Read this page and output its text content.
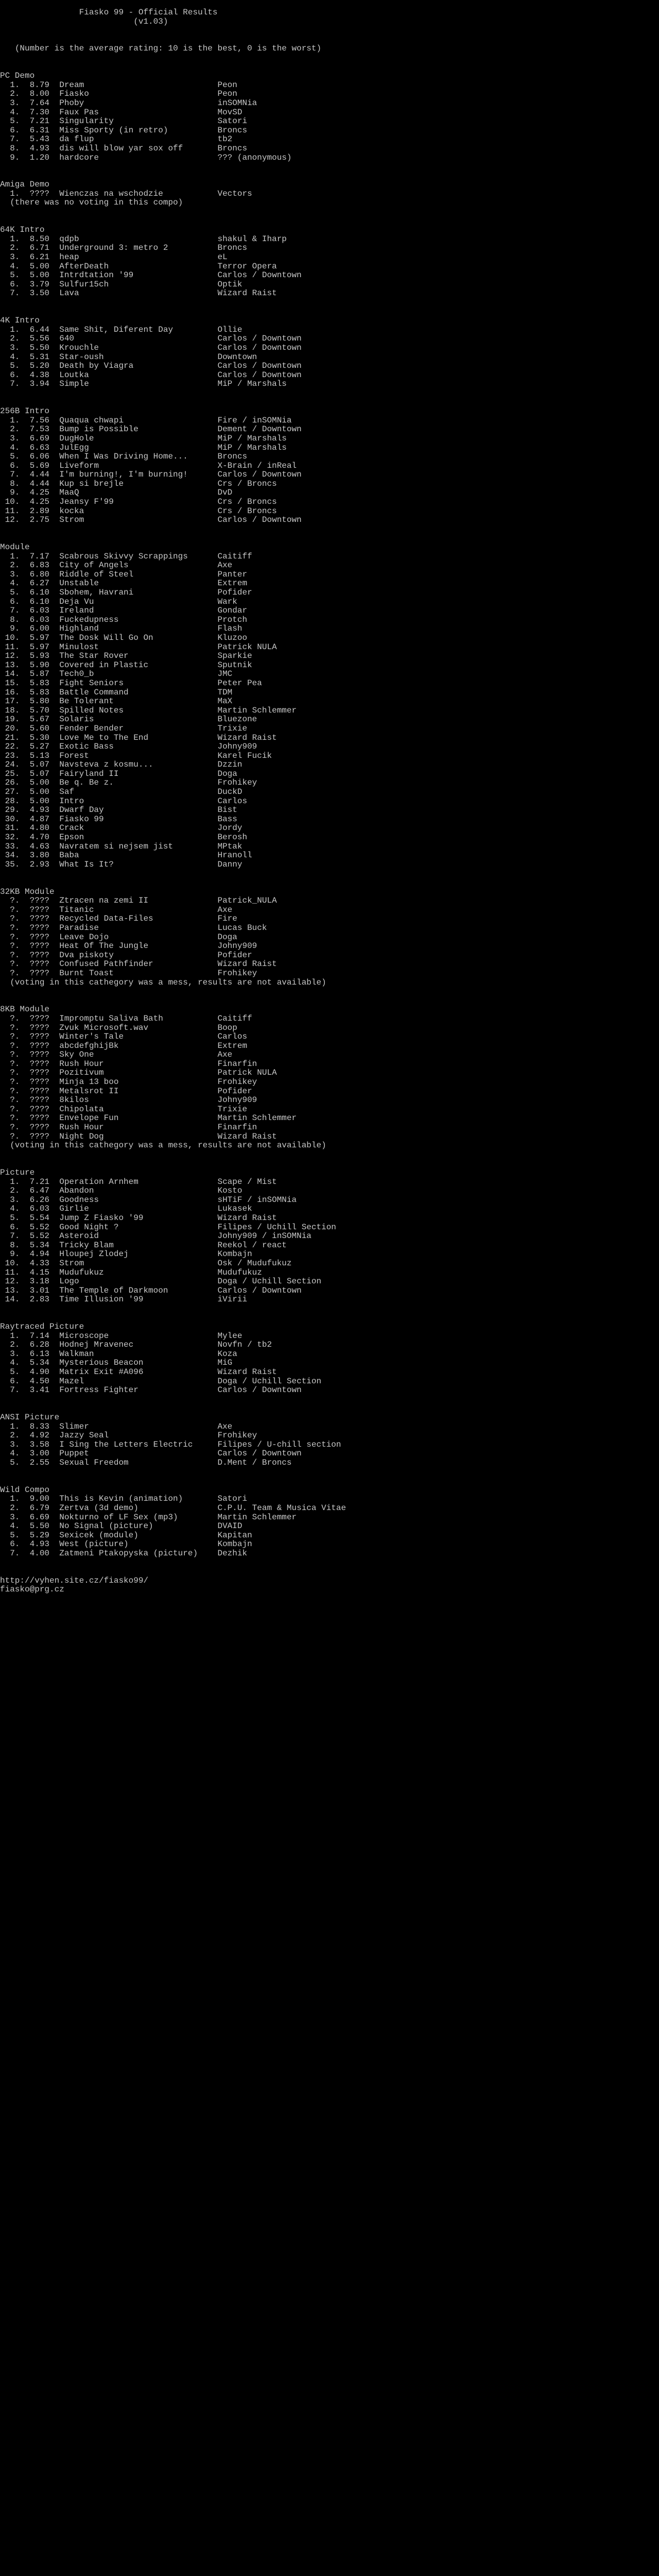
Fiasko 99 - Official Results
(v1.03)

(Number is the average rating: 10 is the best, 0 is the worst)

PC Demo
1. 8.79  Dream                           Peon
2. 8.00  Fiasko                          Peon
3. 7.64  Phoby                           inSOMNia
4. 7.30  Faux Pas                        MovSD
5. 7.21  Singularity                     Satori
6. 6.31  Miss Sporty (in retro)          Broncs
7. 5.43  da flup                         tb2
8. 4.93  dis will blow yar sox off       Broncs
9. 1.20  hardcore                        ??? (anonymous)

Amiga Demo
1. ????  Wienczas na wschodzie           Vectors
(there was no voting in this compo)

64K Intro
1. 8.50  qdpb                            shakul & Iharp
2. 6.71  Underground 3: metro 2          Broncs
3. 6.21  heap                            eL
4. 5.00  AfterDeath                      Terror Opera
5. 5.00  Intrdtation '99                 Carlos / Downtown
6. 3.79  Sulfur15ch                      Optik
7. 3.50  Lava                            Wizard Raist

4K Intro
1. 6.44  Same Shit, Diferent Day         Ollie
2. 5.56  640                             Carlos / Downtown
3. 5.50  Krouchle                        Carlos / Downtown
4. 5.31  Star-oush                       Downtown
5. 5.20  Death by Viagra                 Carlos / Downtown
6. 4.38  Loutka                          Carlos / Downtown
7. 3.94  Simple                          MiP / Marshals

256B Intro
1. 7.56  Quaqua chwapi                   Fire / inSOMNia
2. 7.53  Bump is Possible                Dement / Downtown
3. 6.69  DugHole                         MiP / Marshals
4. 6.63  JulEgg                          MiP / Marshals
5. 6.06  When I Was Driving Home...      Broncs
6. 5.69  Liveform                        X-Brain / inReal
7. 4.44  I'm burning!, I'm burning!      Carlos / Downtown
8. 4.44  Kup si brejle                   Crs / Broncs
9. 4.25  MaaQ                            DvD
10. 4.25  Jeansy F'99                     Crs / Broncs
11. 2.89  kocka                           Crs / Broncs
12. 2.75  Strom                           Carlos / Downtown

Module
1. 7.17  Scabrous Skivvy Scrappings      Caitiff
2. 6.83  City of Angels                  Axe
3. 6.80  Riddle of Steel                 Panter
4. 6.27  Unstable                        Extrem
5. 6.10  Sbohem, Havrani                 Pofider
6. 6.10  Deja Vu                         Wark
7. 6.03  Ireland                         Gondar
8. 6.03  Fuckedupness                    Protch
9. 6.00  Highland                        Flash
10. 5.97  The Dosk Will Go On             Kluzoo
11. 5.97  Minulost                        Patrick NULA
12. 5.93  The Star Rover                  Sparkie
13. 5.90  Covered in Plastic              Sputnik
14. 5.87  Tech0_b                         JMC
15. 5.83  Fight Seniors                   Peter Pea
16. 5.83  Battle Command                  TDM
17. 5.80  Be Tolerant                     MaX
18. 5.70  Spilled Notes                   Martin Schlemmer
19. 5.67  Solaris                         Bluezone
20. 5.60  Fender Bender                   Trixie
21. 5.30  Love Me to The End              Wizard Raist
22. 5.27  Exotic Bass                     Johny909
23. 5.13  Forest                          Karel Fucik
24. 5.07  Navsteva z kosmu...             Dzzin
25. 5.07  Fairyland II                    Doga
26. 5.00  Be q. Be z.                     Frohikey
27. 5.00  Saf                             DuckD
28. 5.00  Intro                           Carlos
29. 4.93  Dwarf Day                       Bist
30. 4.87  Fiasko 99                       Bass
31. 4.80  Crack                           Jordy
32. 4.70  Epson                           Berosh
33. 4.63  Navratem si nejsem jist         MPtak
34. 3.80  Baba                            Hranoll
35. 2.93  What Is It?                     Danny

32KB Module
?. ????  Ztracen na zemi II              Patrick_NULA
?. ????  Titanic                         Axe
?. ????  Recycled Data-Files             Fire
?. ????  Paradise                        Lucas Buck
?. ????  Leave Dojo                      Doga
?. ????  Heat Of The Jungle              Johny909
?. ????  Dva piskoty                     Pofider
?. ????  Confused Pathfinder             Wizard Raist
?. ????  Burnt Toast                     Frohikey
(voting in this cathegory was a mess, results are not available)

8KB Module
?. ????  Impromptu Saliva Bath           Caitiff
?. ????  Zvuk Microsoft.wav              Boop
?. ????  Winter's Tale                   Carlos
?. ????  abcdefghijBk                    Extrem
?. ????  Sky One                         Axe
?. ????  Rush Hour                       Finarfin
?. ????  Pozitivum                       Patrick NULA
?. ????  Minja 13 boo                    Frohikey
?. ????  Metalsrot II                    Pofider
?. ????  8kilos                          Johny909
?. ????  Chipolata                       Trixie
?. ????  Envelope Fun                    Martin Schlemmer
?. ????  Rush Hour                       Finarfin
?. ????  Night Dog                       Wizard Raist
(voting in this cathegory was a mess, results are not available)

Picture
1. 7.21  Operation Arnhem                Scape / Mist
2. 6.47  Abandon                         Kosto
3. 6.26  Goodness                        sHTiF / inSOMNia
4. 6.03  Girlie                          Lukasek
5. 5.54  Jump Z Fiasko '99               Wizard Raist
6. 5.52  Good Night ?                    Filipes / Uchill Section
7. 5.52  Asteroid                        Johny909 / inSOMNia
8. 5.34  Tricky Blam                     Reekol / react
9. 4.94  Hloupej Zlodej                  Kombajn
10. 4.33  Strom                           Osk / Mudufukuz
11. 4.15  Mudufukuz                       Mudufukuz
12. 3.18  Logo                            Doga / Uchill Section
13. 3.01  The Temple of Darkmoon          Carlos / Downtown
14. 2.83  Time Illusion '99               iVirii

Raytraced Picture
1. 7.14  Microscope                      Mylee
2. 6.28  Hodnej Mravenec                 Novfn / tb2
3. 6.13  Walkman                         Koza
4. 5.34  Mysterious Beacon               MiG
5. 4.90  Matrix Exit #A096               Wizard Raist
6. 4.50  Mazel                           Doga / Uchill Section
7. 3.41  Fortress Fighter                Carlos / Downtown

ANSI Picture
1. 8.33  Slimer                          Axe
2. 4.92  Jazzy Seal                      Frohikey
3. 3.58  I Sing the Letters Electric     Filipes / U-chill section
4. 3.00  Puppet                          Carlos / Downtown
5. 2.55  Sexual Freedom                  D.Ment / Broncs

Wild Compo
1. 9.00  This is Kevin (animation)       Satori
2. 6.79  Zertva (3d demo)                C.P.U. Team & Musica Vitae
3. 6.69  Nokturno of LF Sex (mp3)        Martin Schlemmer
4. 5.50  No Signal (picture)             DVAID
5. 5.29  Sexicek (module)                Kapitan
6. 4.93  West (picture)                  Kombajn
7. 4.00  Zatmeni Ptakopyska (picture)    Dezhik

http://vyhen.site.cz/fiasko99/
fiasko@prg.cz
